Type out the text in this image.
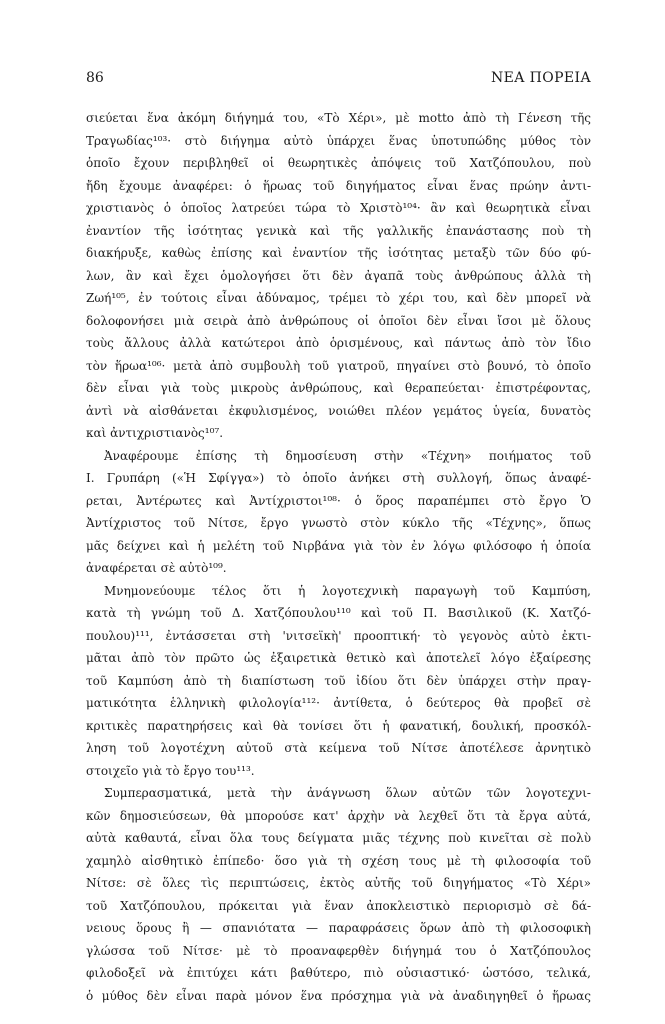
86	ΝΕΑ ΠΟΡΕΙΑ
σιεύεται ἕνα ἀκόμη διήγημά του, «Τὸ Χέρι», μὲ motto ἀπὸ τὴ Γένεση τῆς
Τραγωδίας¹⁰³· στὸ διήγημα αὐτὸ ὑπάρχει ἕνας ὑποτυπώδης μύθος τὸν
ὁποῖο ἔχουν περιβληθεῖ οἱ θεωρητικὲς ἀπόψεις τοῦ Χατζόπουλου, ποὺ
ἤδη ἔχουμε ἀναφέρει: ὁ ἥρωας τοῦ διηγήματος εἶναι ἕνας πρώην ἀντι-
χριστιανὸς ὁ ὁποῖος λατρεύει τώρα τὸ Χριστὸ¹⁰⁴· ἂν καὶ θεωρητικὰ εἶναι
ἐναντίον τῆς ἰσότητας γενικὰ καὶ τῆς γαλλικῆς ἐπανάστασης ποὺ τὴ
διακήρυξε, καθὼς ἐπίσης καὶ ἐναντίον τῆς ἰσότητας μεταξὺ τῶν δύο φύ-
λων, ἂν καὶ ἔχει ὁμολογήσει ὅτι δὲν ἀγαπᾶ τοὺς ἀνθρώπους ἀλλὰ τὴ
Ζωή¹⁰⁵, ἐν τούτοις εἶναι ἀδύναμος, τρέμει τὸ χέρι του, καὶ δὲν μπορεῖ νὰ
δολοφονήσει μιὰ σειρὰ ἀπὸ ἀνθρώπους οἱ ὁποῖοι δὲν εἶναι ἴσοι μὲ ὅλους
τοὺς ἄλλους ἀλλὰ κατώτεροι ἀπὸ ὁρισμένους, καὶ πάντως ἀπὸ τὸν ἴδιο
τὸν ἥρωα¹⁰⁶· μετὰ ἀπὸ συμβουλὴ τοῦ γιατροῦ, πηγαίνει στὸ βουνό, τὸ ὁποῖο
δὲν εἶναι γιὰ τοὺς μικροὺς ἀνθρώπους, καὶ θεραπεύεται· ἐπιστρέφοντας,
ἀντὶ νὰ αἰσθάνεται ἐκφυλισμένος, νοιώθει πλέον γεμάτος ὑγεία, δυνατὸς
καὶ ἀντιχριστιανὸς¹⁰⁷.
Ἀναφέρουμε ἐπίσης τὴ δημοσίευση στὴν «Τέχνη» ποιήματος τοῦ
Ι. Γρυπάρη («Ἡ Σφίγγα») τὸ ὁποῖο ἀνήκει στὴ συλλογή, ὅπως ἀναφέ-
ρεται, Ἀντέρωτες καὶ Ἀντίχριστοι¹⁰⁸· ὁ ὅρος παραπέμπει στὸ ἔργο Ὁ
Ἀντίχριστος τοῦ Νίτσε, ἔργο γνωστὸ στὸν κύκλο τῆς «Τέχνης», ὅπως
μᾶς δείχνει καὶ ἡ μελέτη τοῦ Νιρβάνα γιὰ τὸν ἐν λόγω φιλόσοφο ἡ ὁποία
ἀναφέρεται σὲ αὐτὸ¹⁰⁹.
Μνημονεύουμε τέλος ὅτι ἡ λογοτεχνικὴ παραγωγὴ τοῦ Καμπύση,
κατὰ τὴ γνώμη τοῦ Δ. Χατζόπουλου¹¹⁰ καὶ τοῦ Π. Βασιλικοῦ (Κ. Χατζό-
πουλου)¹¹¹, ἐντάσσεται στὴ 'νιτσεϊκὴ' προοπτική· τὸ γεγονὸς αὐτὸ ἐκτι-
μᾶται ἀπὸ τὸν πρῶτο ὡς ἐξαιρετικὰ θετικὸ καὶ ἀποτελεῖ λόγο ἐξαίρεσης
τοῦ Καμπύση ἀπὸ τὴ διαπίστωση τοῦ ἰδίου ὅτι δὲν ὑπάρχει στὴν πραγ-
ματικότητα ἑλληνικὴ φιλολογία¹¹²· ἀντίθετα, ὁ δεύτερος θὰ προβεῖ σὲ
κριτικὲς παρατηρήσεις καὶ θὰ τονίσει ὅτι ἡ φανατική, δουλική, προσκόλ-
ληση τοῦ λογοτέχνη αὐτοῦ στὰ κείμενα τοῦ Νίτσε ἀποτέλεσε ἀρνητικὸ
στοιχεῖο γιὰ τὸ ἔργο του¹¹³.
Συμπερασματικά, μετὰ τὴν ἀνάγνωση ὅλων αὐτῶν τῶν λογοτεχνι-
κῶν δημοσιεύσεων, θὰ μπορούσε κατ' ἀρχὴν νὰ λεχθεῖ ὅτι τὰ ἔργα αὐτά,
αὐτὰ καθαυτά, εἶναι ὅλα τους δείγματα μιᾶς τέχνης ποὺ κινεῖται σὲ πολὺ
χαμηλὸ αἰσθητικὸ ἐπίπεδο· ὅσο γιὰ τὴ σχέση τους μὲ τὴ φιλοσοφία τοῦ
Νίτσε: σὲ ὅλες τὶς περιπτώσεις, ἐκτὸς αὐτῆς τοῦ διηγήματος «Τὸ Χέρι»
τοῦ Χατζόπουλου, πρόκειται γιὰ ἕναν ἀποκλειστικὸ περιορισμὸ σὲ δά-
νειους ὅρους ἢ — σπανιότατα — παραφράσεις ὅρων ἀπὸ τὴ φιλοσοφικὴ
γλώσσα τοῦ Νίτσε· μὲ τὸ προαναφερθὲν διήγημά του ὁ Χατζόπουλος
φιλοδοξεῖ νὰ ἐπιτύχει κάτι βαθύτερο, πιὸ οὐσιαστικό· ὡστόσο, τελικά,
ὁ μύθος δὲν εἶναι παρὰ μόνον ἕνα πρόσχημα γιὰ νὰ ἀναδιηγηθεῖ ὁ ἥρωας
